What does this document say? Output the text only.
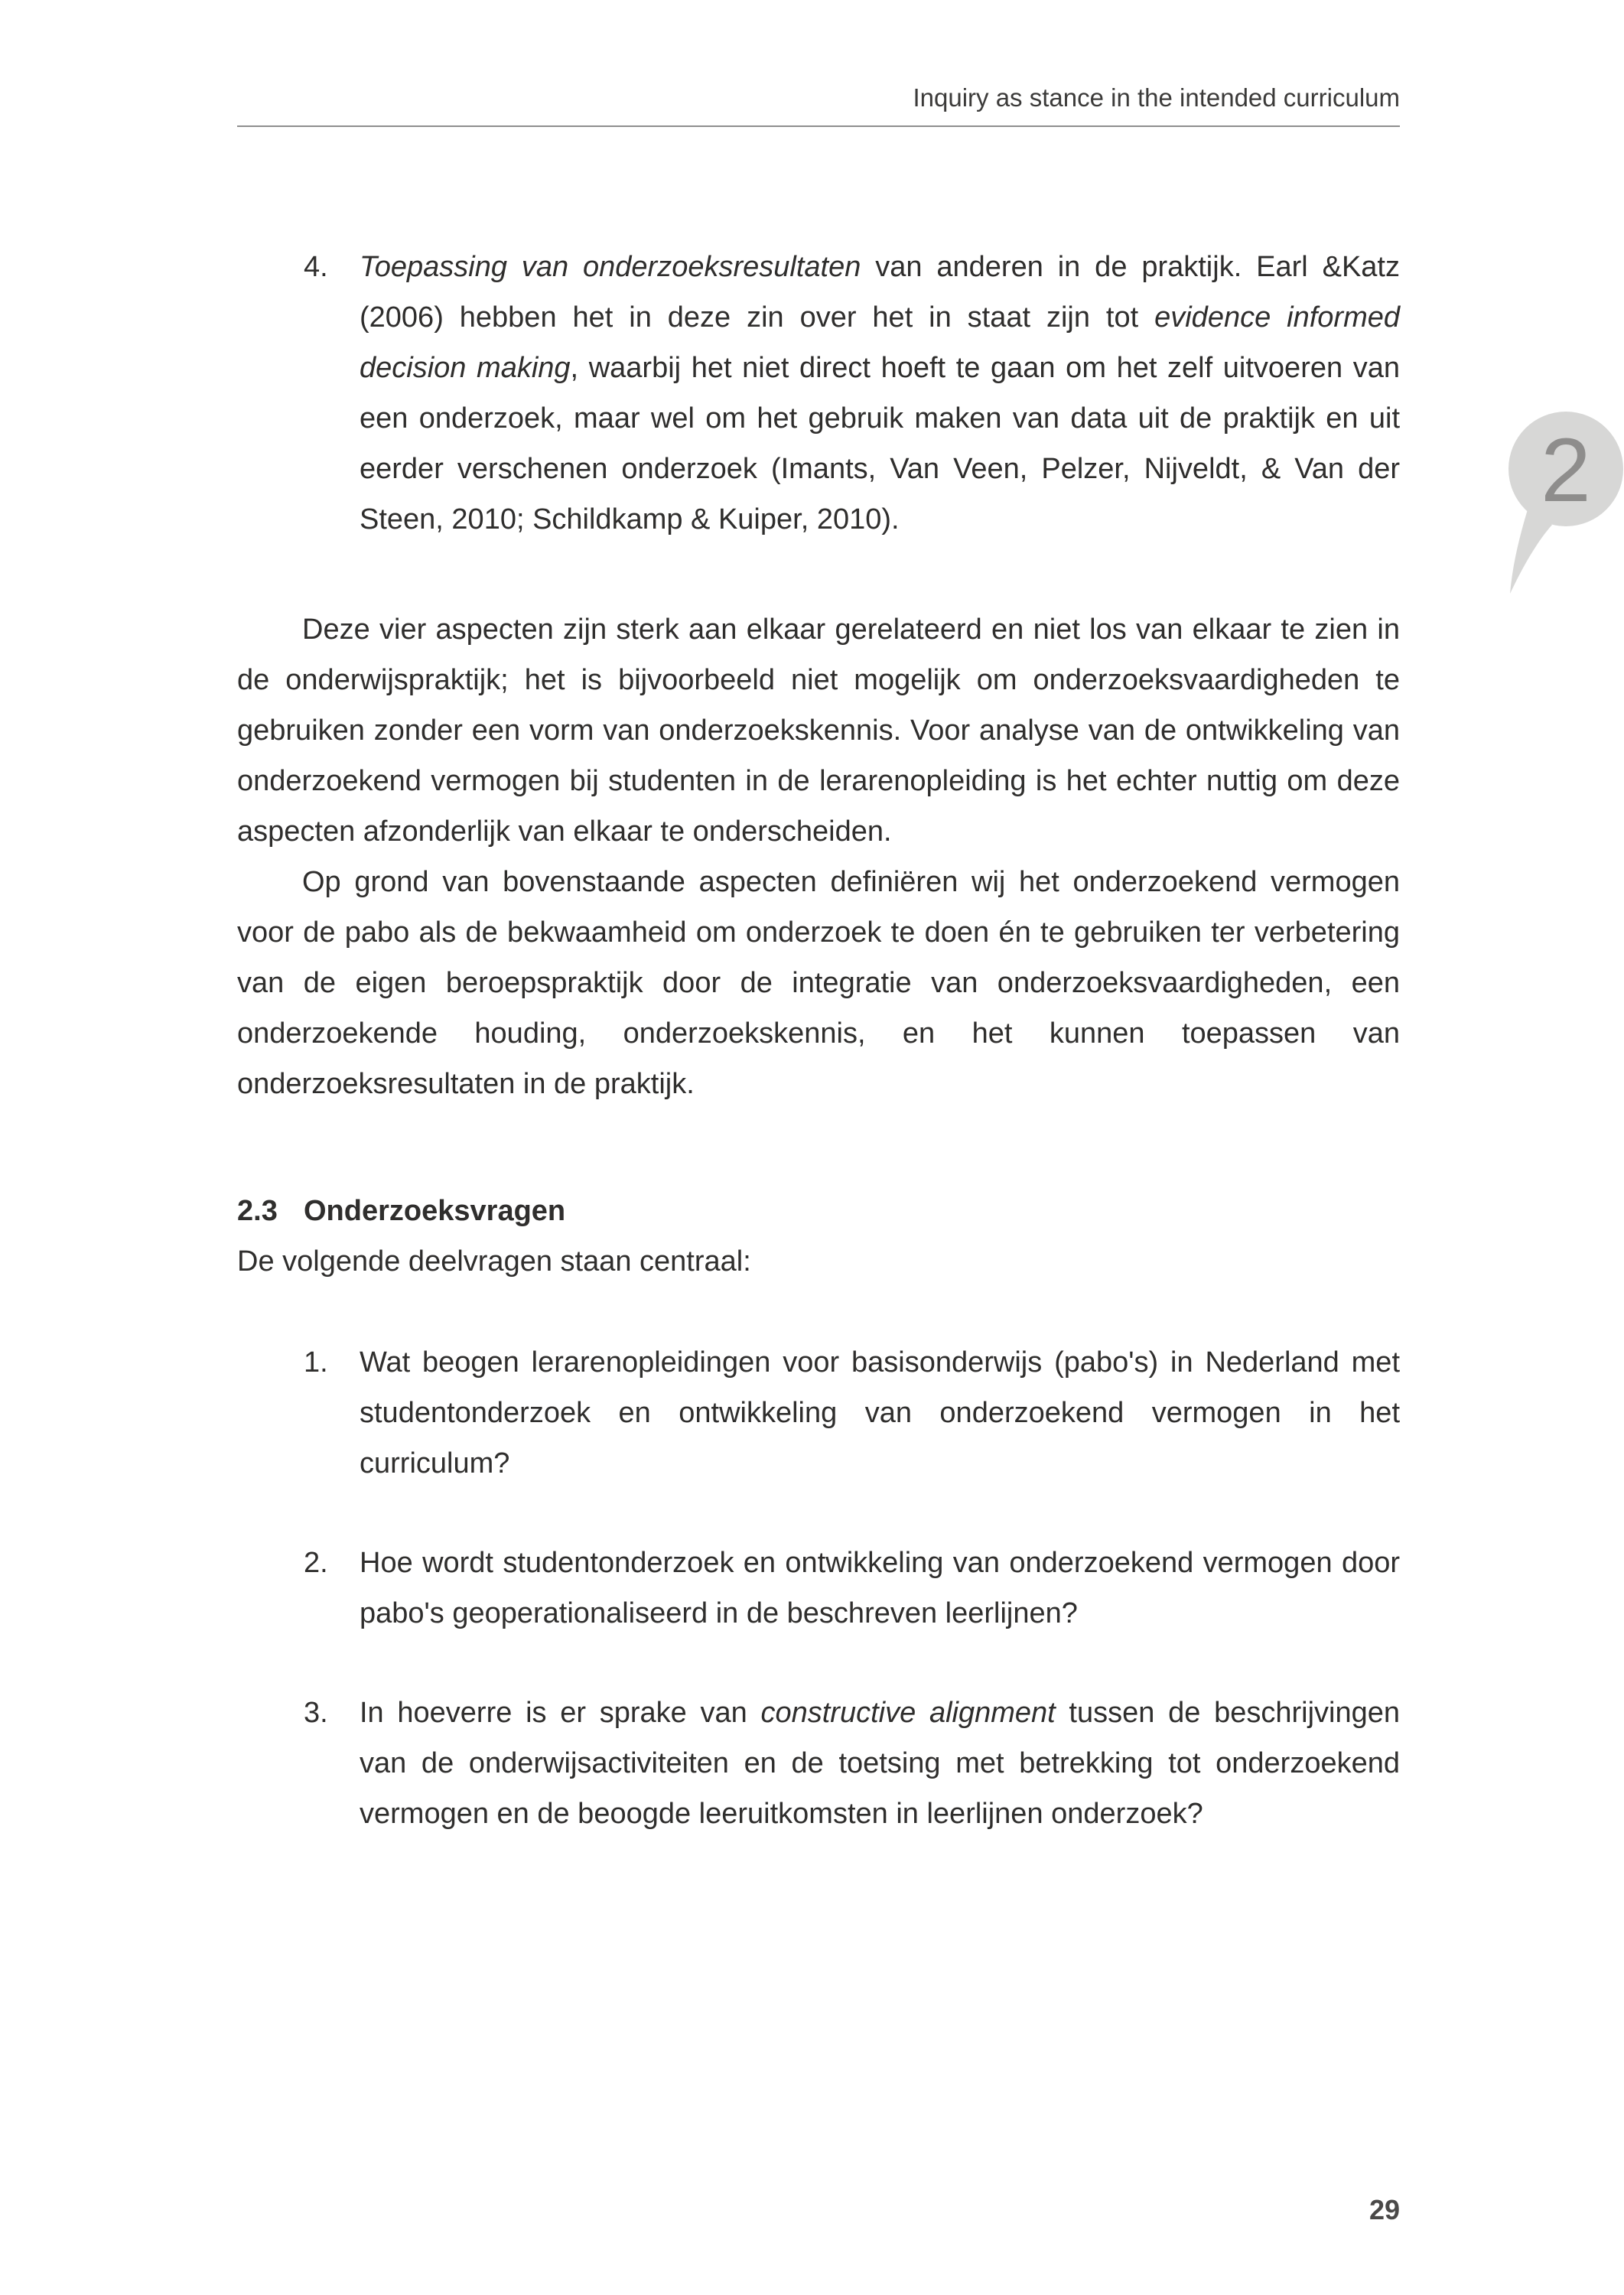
2
Inquiry as stance in the intended curriculum
4.	Toepassing van onderzoeksresultaten van anderen in de praktijk. Earl &Katz (2006) hebben het in deze zin over het in staat zijn tot evidence informed decision making, waarbij het niet direct hoeft te gaan om het zelf uitvoeren van een onderzoek, maar wel om het gebruik maken van data uit de praktijk en uit eerder verschenen onderzoek (Imants, Van Veen, Pelzer, Nijveldt, & Van der Steen, 2010; Schildkamp & Kuiper, 2010).

Deze vier aspecten zijn sterk aan elkaar gerelateerd en niet los van elkaar te zien in de onderwijspraktijk; het is bijvoorbeeld niet mogelijk om onderzoeksvaardigheden te gebruiken zonder een vorm van onderzoekskennis. Voor analyse van de ontwikkeling van onderzoekend vermogen bij studenten in de lerarenopleiding is het echter nuttig om deze aspecten afzonderlijk van elkaar te onderscheiden.

Op grond van bovenstaande aspecten definiëren wij het onderzoekend vermogen voor de pabo als de bekwaamheid om onderzoek te doen én te gebruiken ter verbetering van de eigen beroepspraktijk door de integratie van onderzoeksvaardigheden, een onderzoekende houding, onderzoekskennis, en het kunnen toepassen van onderzoeksresultaten in de praktijk.

2.3 Onderzoeksvragen
De volgende deelvragen staan centraal:
1.	Wat beogen lerarenopleidingen voor basisonderwijs (pabo's) in Nederland met studentonderzoek en ontwikkeling van onderzoekend vermogen in het curriculum?
2.	Hoe wordt studentonderzoek en ontwikkeling van onderzoekend vermogen door pabo's geoperationaliseerd in de beschreven leerlijnen?
3.	In hoeverre is er sprake van constructive alignment tussen de beschrijvingen van de onderwijsactiviteiten en de toetsing met betrekking tot onderzoekend vermogen en de beoogde leeruitkomsten in leerlijnen onderzoek?
29
